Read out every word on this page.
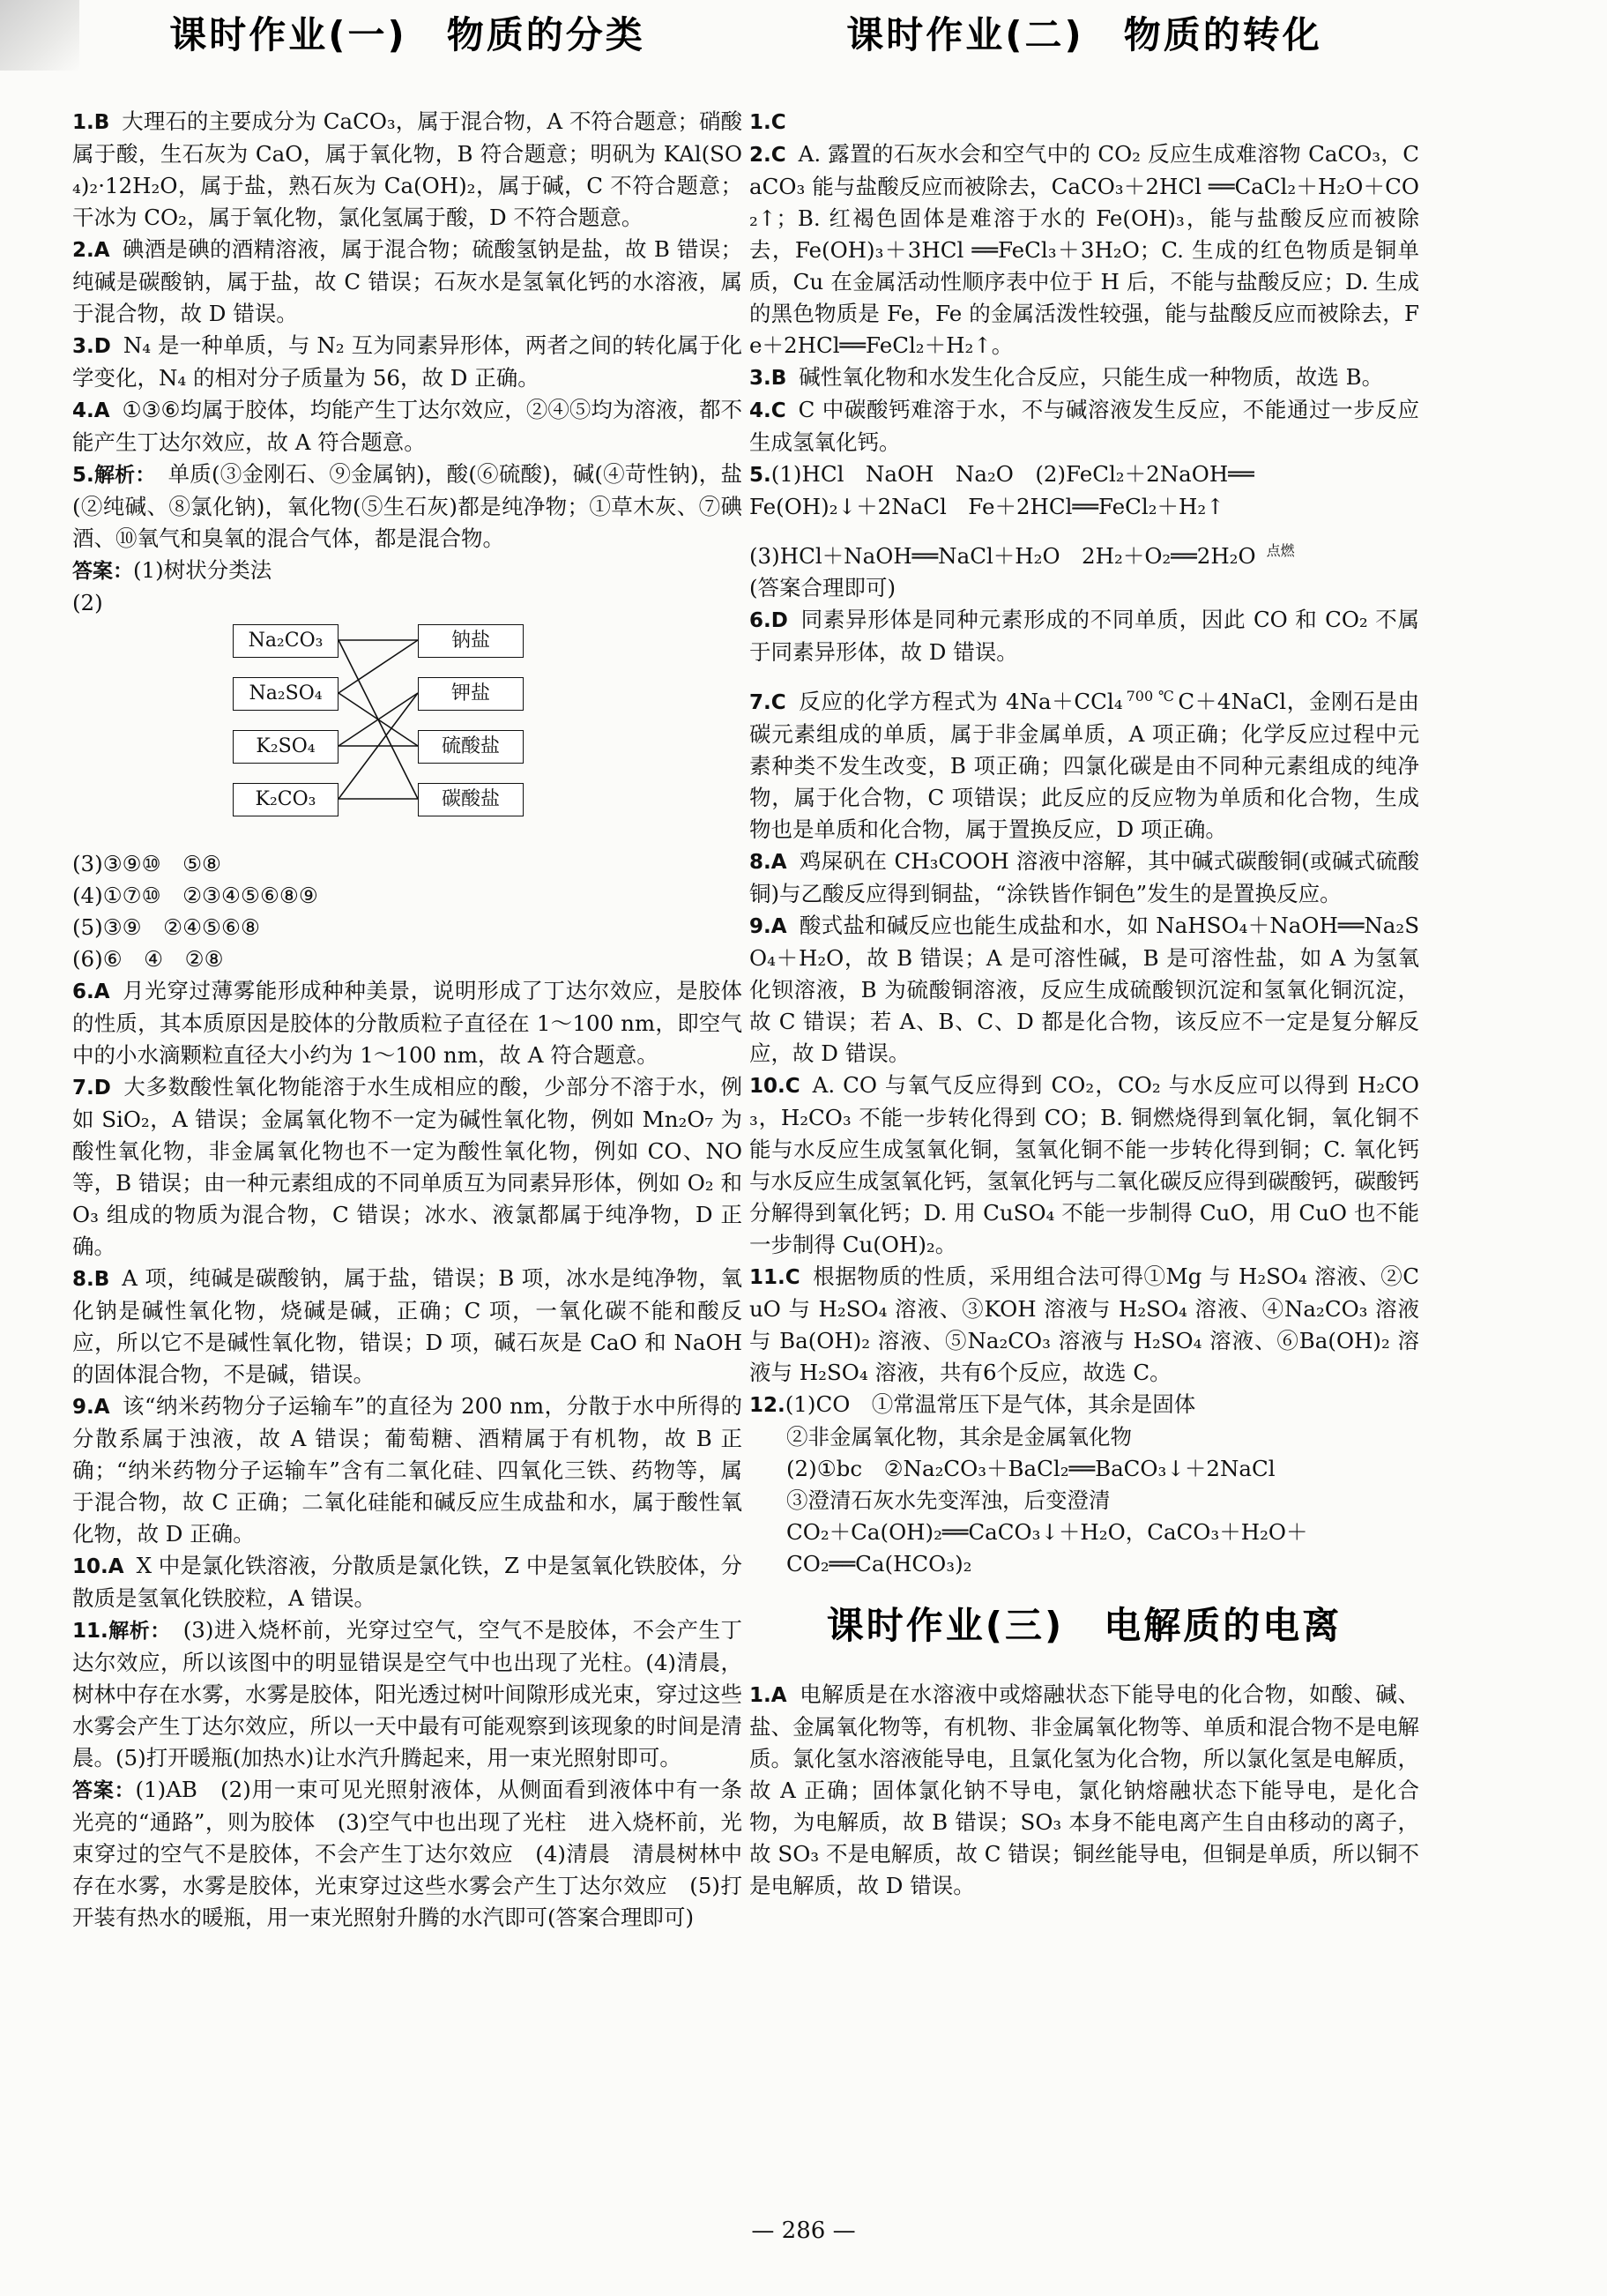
课时作业(一)　物质的分类

1.B 大理石的主要成分为 CaCO₃，属于混合物，A 不符合题意；硝酸属于酸，生石灰为 CaO，属于氧化物，B 符合题意；明矾为 KAl(SO₄)₂·12H₂O，属于盐，熟石灰为 Ca(OH)₂，属于碱，C 不符合题意；干冰为 CO₂，属于氧化物，氯化氢属于酸，D 不符合题意。

2.A 碘酒是碘的酒精溶液，属于混合物；硫酸氢钠是盐，故 B 错误；纯碱是碳酸钠，属于盐，故 C 错误；石灰水是氢氧化钙的水溶液，属于混合物，故 D 错误。

3.D N₄ 是一种单质，与 N₂ 互为同素异形体，两者之间的转化属于化学变化，N₄ 的相对分子质量为 56，故 D 正确。

4.A ①③⑥均属于胶体，均能产生丁达尔效应，②④⑤均为溶液，都不能产生丁达尔效应，故 A 符合题意。

5.解析： 单质(③金刚石、⑨金属钠)，酸(⑥硫酸)，碱(④苛性钠)，盐(②纯碱、⑧氯化钠)，氧化物(⑤生石灰)都是纯净物；①草木灰、⑦碘酒、⑩氧气和臭氧的混合气体，都是混合物。

答案：(1)树状分类法

(2)

Na₂CO₃
Na₂SO₄
K₂SO₄
K₂CO₃
钠盐
钾盐
硫酸盐
碳酸盐

(3)③⑨⑩　⑤⑧

(4)①⑦⑩　②③④⑤⑥⑧⑨

(5)③⑨　②④⑤⑥⑧

(6)⑥　④　②⑧

6.A 月光穿过薄雾能形成种种美景，说明形成了丁达尔效应，是胶体的性质，其本质原因是胶体的分散质粒子直径在 1～100 nm，即空气中的小水滴颗粒直径大小约为 1～100 nm，故 A 符合题意。

7.D 大多数酸性氧化物能溶于水生成相应的酸，少部分不溶于水，例如 SiO₂，A 错误；金属氧化物不一定为碱性氧化物，例如 Mn₂O₇ 为酸性氧化物，非金属氧化物也不一定为酸性氧化物，例如 CO、NO 等，B 错误；由一种元素组成的不同单质互为同素异形体，例如 O₂ 和 O₃ 组成的物质为混合物，C 错误；冰水、液氯都属于纯净物，D 正确。

8.B A 项，纯碱是碳酸钠，属于盐，错误；B 项，冰水是纯净物，氧化钠是碱性氧化物，烧碱是碱，正确；C 项，一氧化碳不能和酸反应，所以它不是碱性氧化物，错误；D 项，碱石灰是 CaO 和 NaOH 的固体混合物，不是碱，错误。

9.A 该“纳米药物分子运输车”的直径为 200 nm，分散于水中所得的分散系属于浊液，故 A 错误；葡萄糖、酒精属于有机物，故 B 正确；“纳米药物分子运输车”含有二氧化硅、四氧化三铁、药物等，属于混合物，故 C 正确；二氧化硅能和碱反应生成盐和水，属于酸性氧化物，故 D 正确。

10.A X 中是氯化铁溶液，分散质是氯化铁，Z 中是氢氧化铁胶体，分散质是氢氧化铁胶粒，A 错误。

11.解析： (3)进入烧杯前，光穿过空气，空气不是胶体，不会产生丁达尔效应，所以该图中的明显错误是空气中也出现了光柱。(4)清晨，树林中存在水雾，水雾是胶体，阳光透过树叶间隙形成光束，穿过这些水雾会产生丁达尔效应，所以一天中最有可能观察到该现象的时间是清晨。(5)打开暖瓶(加热水)让水汽升腾起来，用一束光照射即可。

答案：(1)AB　(2)用一束可见光照射液体，从侧面看到液体中有一条光亮的“通路”，则为胶体　(3)空气中也出现了光柱　进入烧杯前，光束穿过的空气不是胶体，不会产生丁达尔效应　(4)清晨　清晨树林中存在水雾，水雾是胶体，光束穿过这些水雾会产生丁达尔效应　(5)打开装有热水的暖瓶，用一束光照射升腾的水汽即可(答案合理即可)

课时作业(二)　物质的转化

1.C

2.C A. 露置的石灰水会和空气中的 CO₂ 反应生成难溶物 CaCO₃，CaCO₃ 能与盐酸反应而被除去，CaCO₃＋2HCl ══CaCl₂＋H₂O＋CO₂↑；B. 红褐色固体是难溶于水的 Fe(OH)₃，能与盐酸反应而被除去，Fe(OH)₃＋3HCl ══FeCl₃＋3H₂O；C. 生成的红色物质是铜单质，Cu 在金属活动性顺序表中位于 H 后，不能与盐酸反应；D. 生成的黑色物质是 Fe，Fe 的金属活泼性较强，能与盐酸反应而被除去，Fe＋2HCl══FeCl₂＋H₂↑。

3.B 碱性氧化物和水发生化合反应，只能生成一种物质，故选 B。

4.C C 中碳酸钙难溶于水，不与碱溶液发生反应，不能通过一步反应生成氢氧化钙。

5.(1)HCl　NaOH　Na₂O　(2)FeCl₂＋2NaOH══

Fe(OH)₂↓＋2NaCl　Fe＋2HCl══FeCl₂＋H₂↑

(3)HCl＋NaOH══NaCl＋H₂O　2H₂＋O₂══2H₂O $^{点燃}$

(答案合理即可)

6.D 同素异形体是同种元素形成的不同单质，因此 CO 和 CO₂ 不属于同素异形体，故 D 错误。

7.C 反应的化学方程式为 4Na＋CCl₄ $^{700 ℃}$ C＋4NaCl，金刚石是由碳元素组成的单质，属于非金属单质，A 项正确；化学反应过程中元素种类不发生改变，B 项正确；四氯化碳是由不同种元素组成的纯净物，属于化合物，C 项错误；此反应的反应物为单质和化合物，生成物也是单质和化合物，属于置换反应，D 项正确。

8.A 鸡屎矾在 CH₃COOH 溶液中溶解，其中碱式碳酸铜(或碱式硫酸铜)与乙酸反应得到铜盐，“涂铁皆作铜色”发生的是置换反应。

9.A 酸式盐和碱反应也能生成盐和水，如 NaHSO₄＋NaOH══Na₂SO₄＋H₂O，故 B 错误；A 是可溶性碱，B 是可溶性盐，如 A 为氢氧化钡溶液，B 为硫酸铜溶液，反应生成硫酸钡沉淀和氢氧化铜沉淀，故 C 错误；若 A、B、C、D 都是化合物，该反应不一定是复分解反应，故 D 错误。

10.C A. CO 与氧气反应得到 CO₂，CO₂ 与水反应可以得到 H₂CO₃，H₂CO₃ 不能一步转化得到 CO；B. 铜燃烧得到氧化铜，氧化铜不能与水反应生成氢氧化铜，氢氧化铜不能一步转化得到铜；C. 氧化钙与水反应生成氢氧化钙，氢氧化钙与二氧化碳反应得到碳酸钙，碳酸钙分解得到氧化钙；D. 用 CuSO₄ 不能一步制得 CuO，用 CuO 也不能一步制得 Cu(OH)₂。

11.C 根据物质的性质，采用组合法可得①Mg 与 H₂SO₄ 溶液、②CuO 与 H₂SO₄ 溶液、③KOH 溶液与 H₂SO₄ 溶液、④Na₂CO₃ 溶液与 Ba(OH)₂ 溶液、⑤Na₂CO₃ 溶液与 H₂SO₄ 溶液、⑥Ba(OH)₂ 溶液与 H₂SO₄ 溶液，共有6个反应，故选 C。

12.(1)CO　①常温常压下是气体，其余是固体

②非金属氧化物，其余是金属氧化物

(2)①bc　②Na₂CO₃＋BaCl₂══BaCO₃↓＋2NaCl

③澄清石灰水先变浑浊，后变澄清

CO₂＋Ca(OH)₂══CaCO₃↓＋H₂O，CaCO₃＋H₂O＋

CO₂══Ca(HCO₃)₂

课时作业(三)　电解质的电离

1.A 电解质是在水溶液中或熔融状态下能导电的化合物，如酸、碱、盐、金属氧化物等，有机物、非金属氧化物等、单质和混合物不是电解质。氯化氢水溶液能导电，且氯化氢为化合物，所以氯化氢是电解质，故 A 正确；固体氯化钠不导电，氯化钠熔融状态下能导电，是化合物，为电解质，故 B 错误；SO₃ 本身不能电离产生自由移动的离子，故 SO₃ 不是电解质，故 C 错误；铜丝能导电，但铜是单质，所以铜不是电解质，故 D 错误。

— 286 —
